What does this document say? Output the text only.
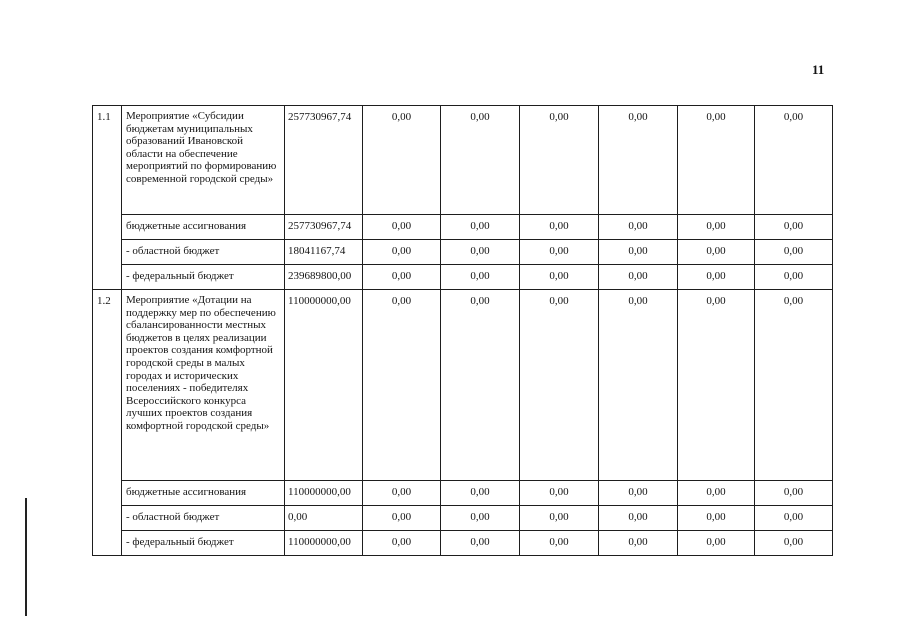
11
1.1	Мероприятие «Субсидии бюджетам муниципальных образований Ивановской области на обеспечение мероприятий по формированию современной городской среды»	257730967,74	0,00	0,00	0,00	0,00	0,00	0,00
	бюджетные ассигнования	257730967,74	0,00	0,00	0,00	0,00	0,00	0,00
	- областной бюджет	18041167,74	0,00	0,00	0,00	0,00	0,00	0,00
	- федеральный бюджет	239689800,00	0,00	0,00	0,00	0,00	0,00	0,00
1.2	Мероприятие «Дотации на поддержку мер по обеспечению сбалансированности местных бюджетов в целях реализации проектов создания комфортной городской среды в малых городах и исторических поселениях - победителях Всероссийского конкурса лучших проектов создания комфортной городской среды»	110000000,00	0,00	0,00	0,00	0,00	0,00	0,00
	бюджетные ассигнования	110000000,00	0,00	0,00	0,00	0,00	0,00	0,00
	- областной бюджет	0,00	0,00	0,00	0,00	0,00	0,00	0,00
	- федеральный бюджет	110000000,00	0,00	0,00	0,00	0,00	0,00	0,00
